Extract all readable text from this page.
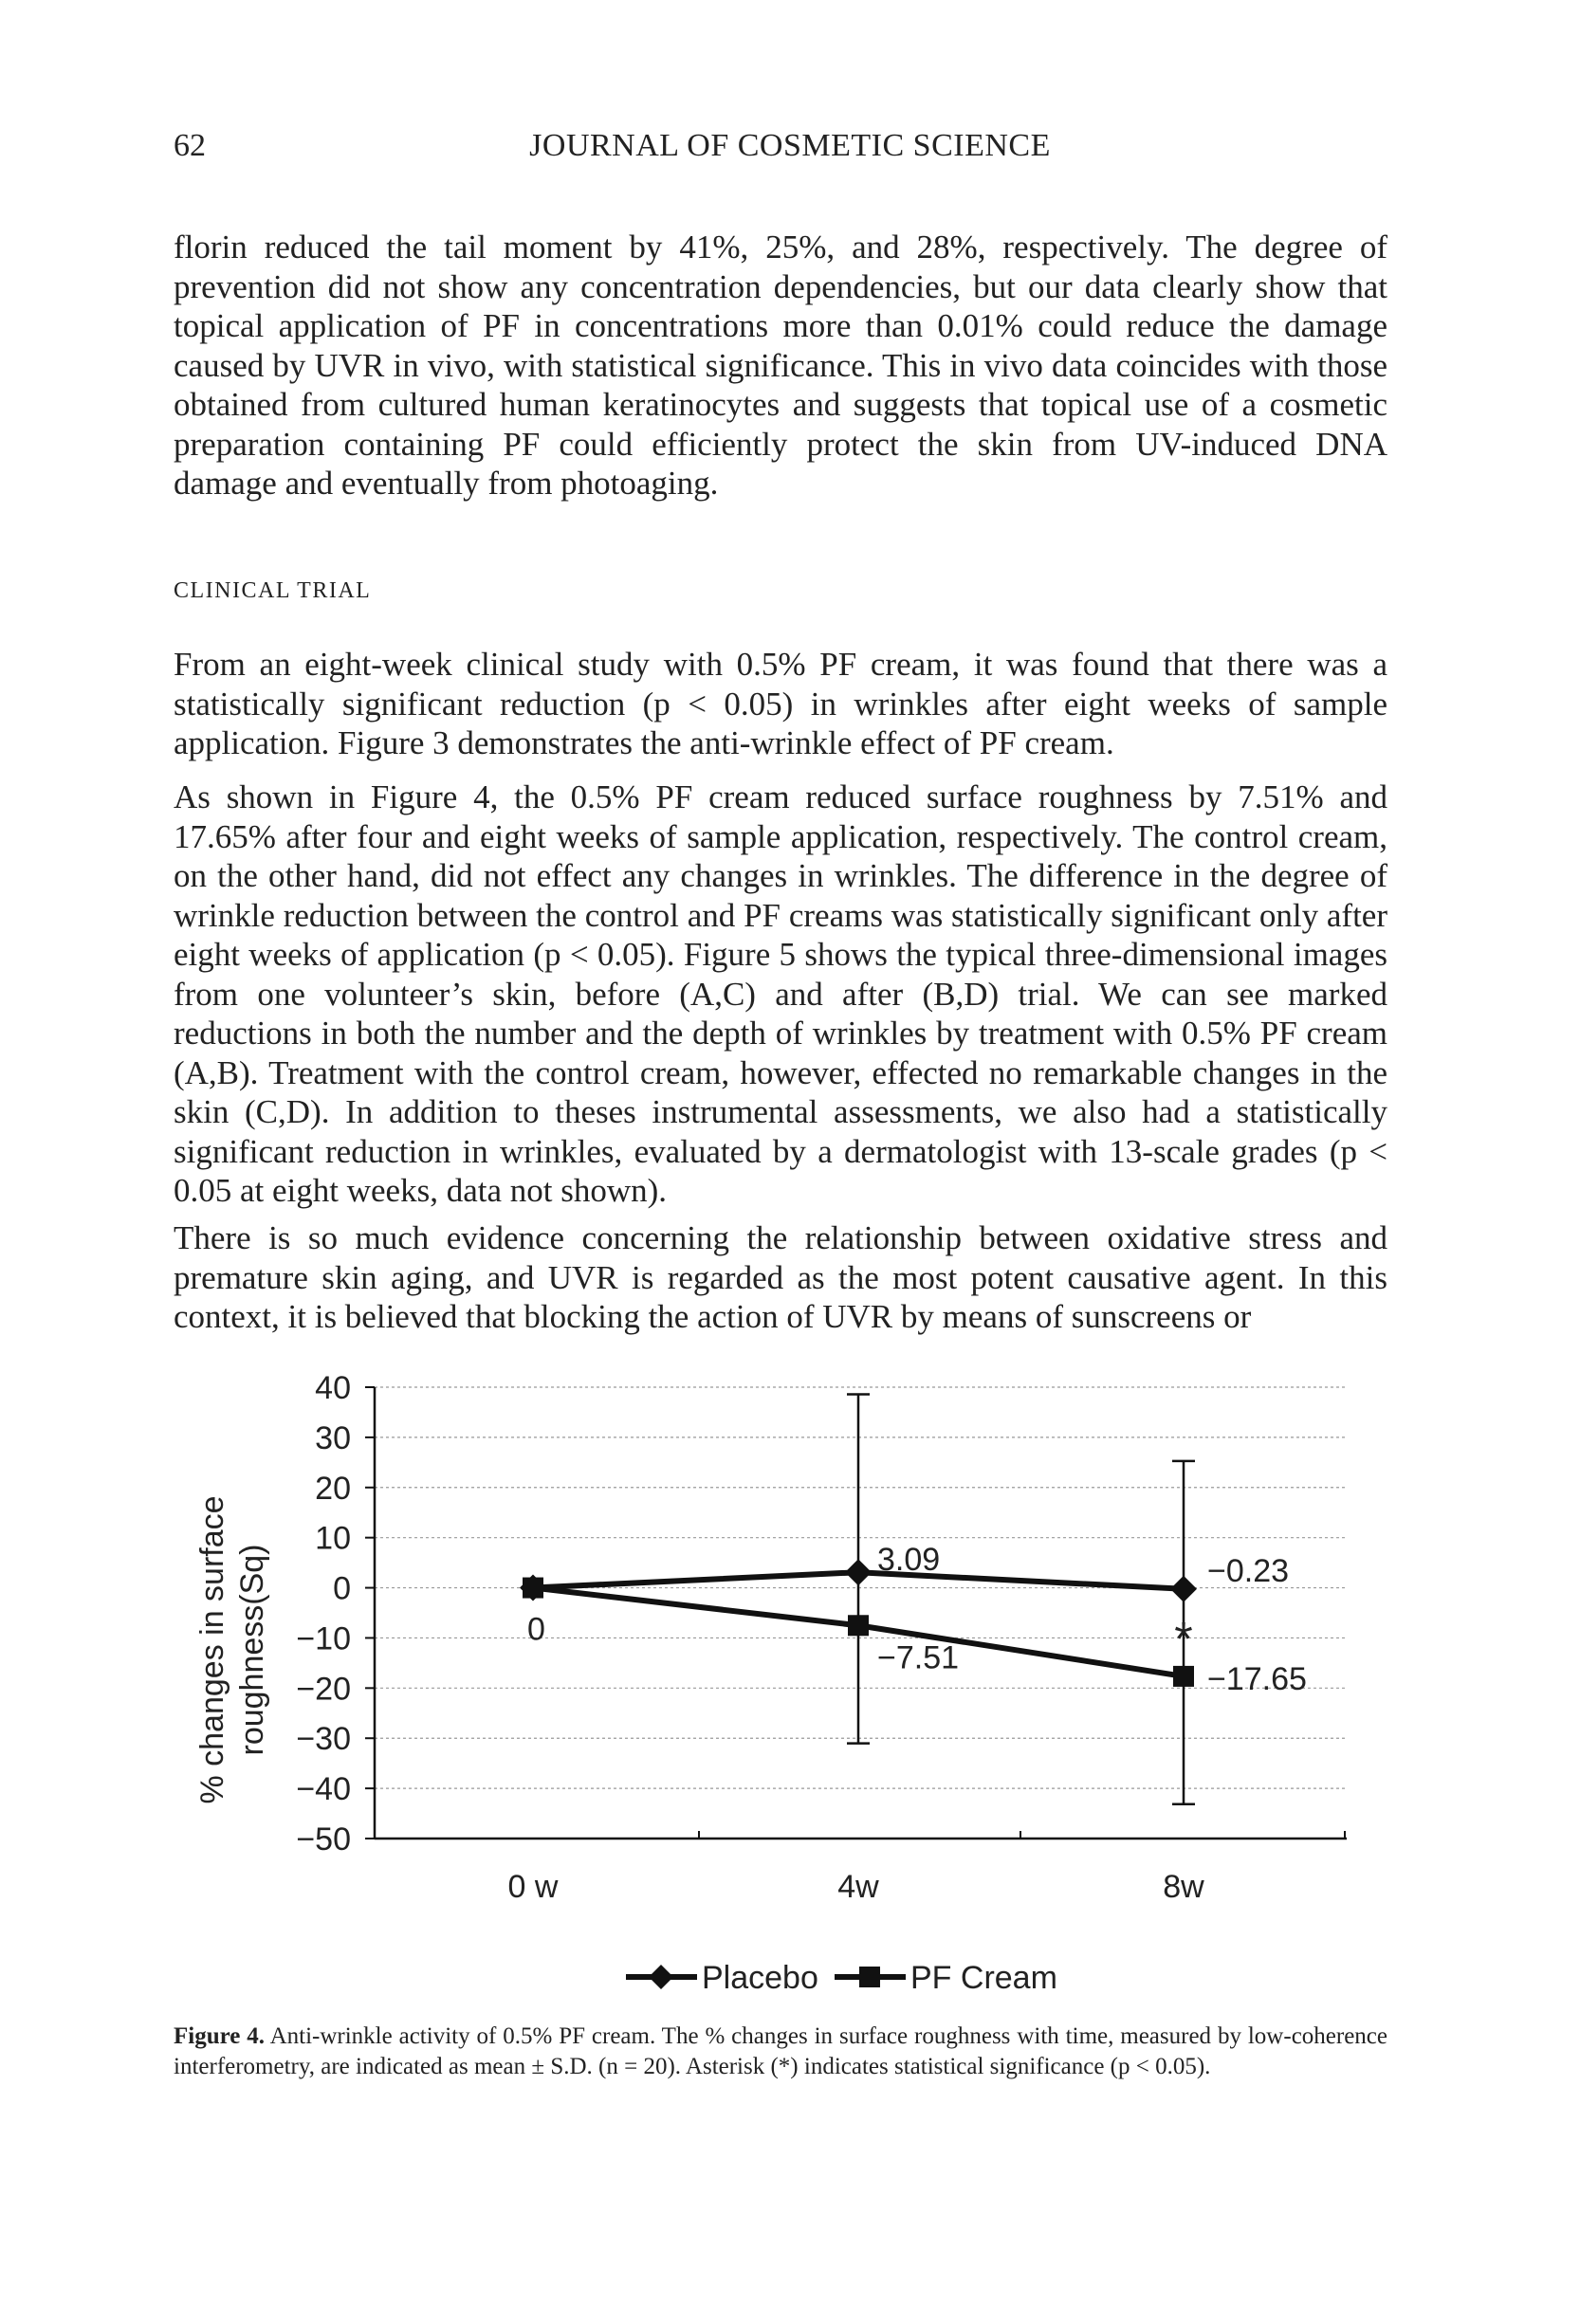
62	JOURNAL OF COSMETIC SCIENCE

florin reduced the tail moment by 41%, 25%, and 28%, respectively. The degree of prevention did not show any concentration dependencies, but our data clearly show that topical application of PF in concentrations more than 0.01% could reduce the damage caused by UVR in vivo, with statistical significance. This in vivo data coincides with those obtained from cultured human keratinocytes and suggests that topical use of a cosmetic preparation containing PF could efficiently protect the skin from UV-induced DNA damage and eventually from photoaging.

CLINICAL TRIAL

From an eight-week clinical study with 0.5% PF cream, it was found that there was a statistically significant reduction (p < 0.05) in wrinkles after eight weeks of sample application. Figure 3 demonstrates the anti-wrinkle effect of PF cream.

As shown in Figure 4, the 0.5% PF cream reduced surface roughness by 7.51% and 17.65% after four and eight weeks of sample application, respectively. The control cream, on the other hand, did not effect any changes in wrinkles. The difference in the degree of wrinkle reduction between the control and PF creams was statistically significant only after eight weeks of application (p < 0.05). Figure 5 shows the typical three-dimensional images from one volunteer’s skin, before (A,C) and after (B,D) trial. We can see marked reductions in both the number and the depth of wrinkles by treatment with 0.5% PF cream (A,B). Treatment with the control cream, however, effected no remarkable changes in the skin (C,D). In addition to theses instrumental assessments, we also had a statistically significant reduction in wrinkles, evaluated by a dermatologist with 13-scale grades (p < 0.05 at eight weeks, data not shown).

There is so much evidence concerning the relationship between oxidative stress and premature skin aging, and UVR is regarded as the most potent causative agent. In this context, it is believed that blocking the action of UVR by means of sunscreens or

% changes in surface roughness(Sq)
40
30
20
10
0
−10
−20
−30
−40
−50
0 w	4w	8w
3.09	−0.23
0
−7.51
−17.65
*
Placebo	PF Cream

Figure 4. Anti-wrinkle activity of 0.5% PF cream. The % changes in surface roughness with time, measured by low-coherence interferometry, are indicated as mean ± S.D. (n = 20). Asterisk (*) indicates statistical significance (p < 0.05).
